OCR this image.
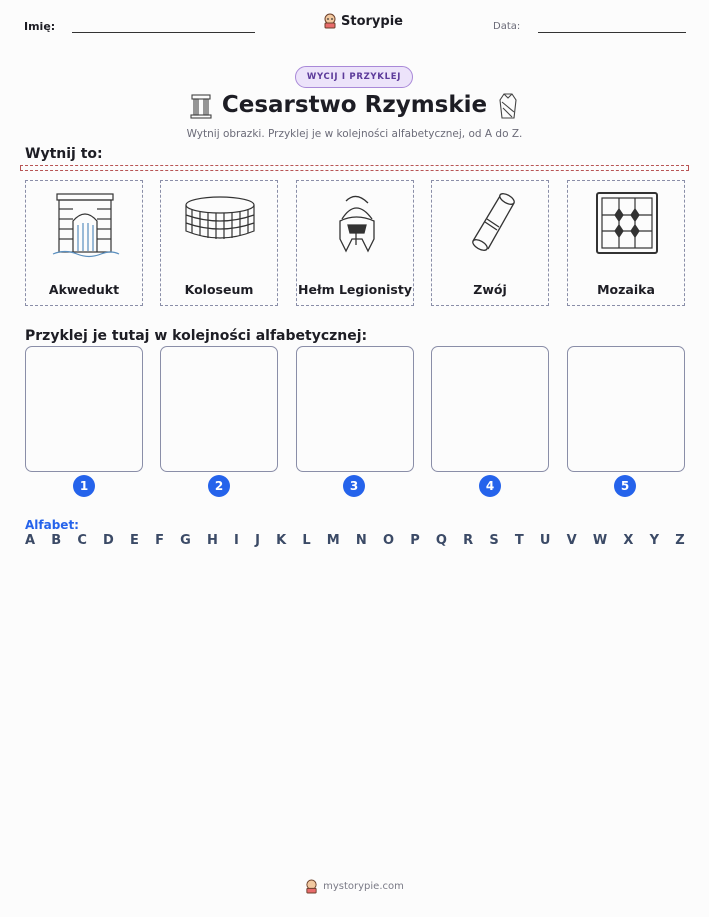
Imię:	Storypie	Data:
WYCIJ I PRZYKLEJ
Cesarstwo Rzymskie
Wytnij obrazki. Przyklej je w kolejności alfabetycznej, od A do Z.
Wytnij to:
Akwedukt	Koloseum	Hełm Legionisty	Zwój	Mozaika
Przyklej je tutaj w kolejności alfabetycznej:
1	2	3	4	5
Alfabet:
A B C D E F G H I J K L M N O P Q R S T U V W X Y Z
mystorypie.com
